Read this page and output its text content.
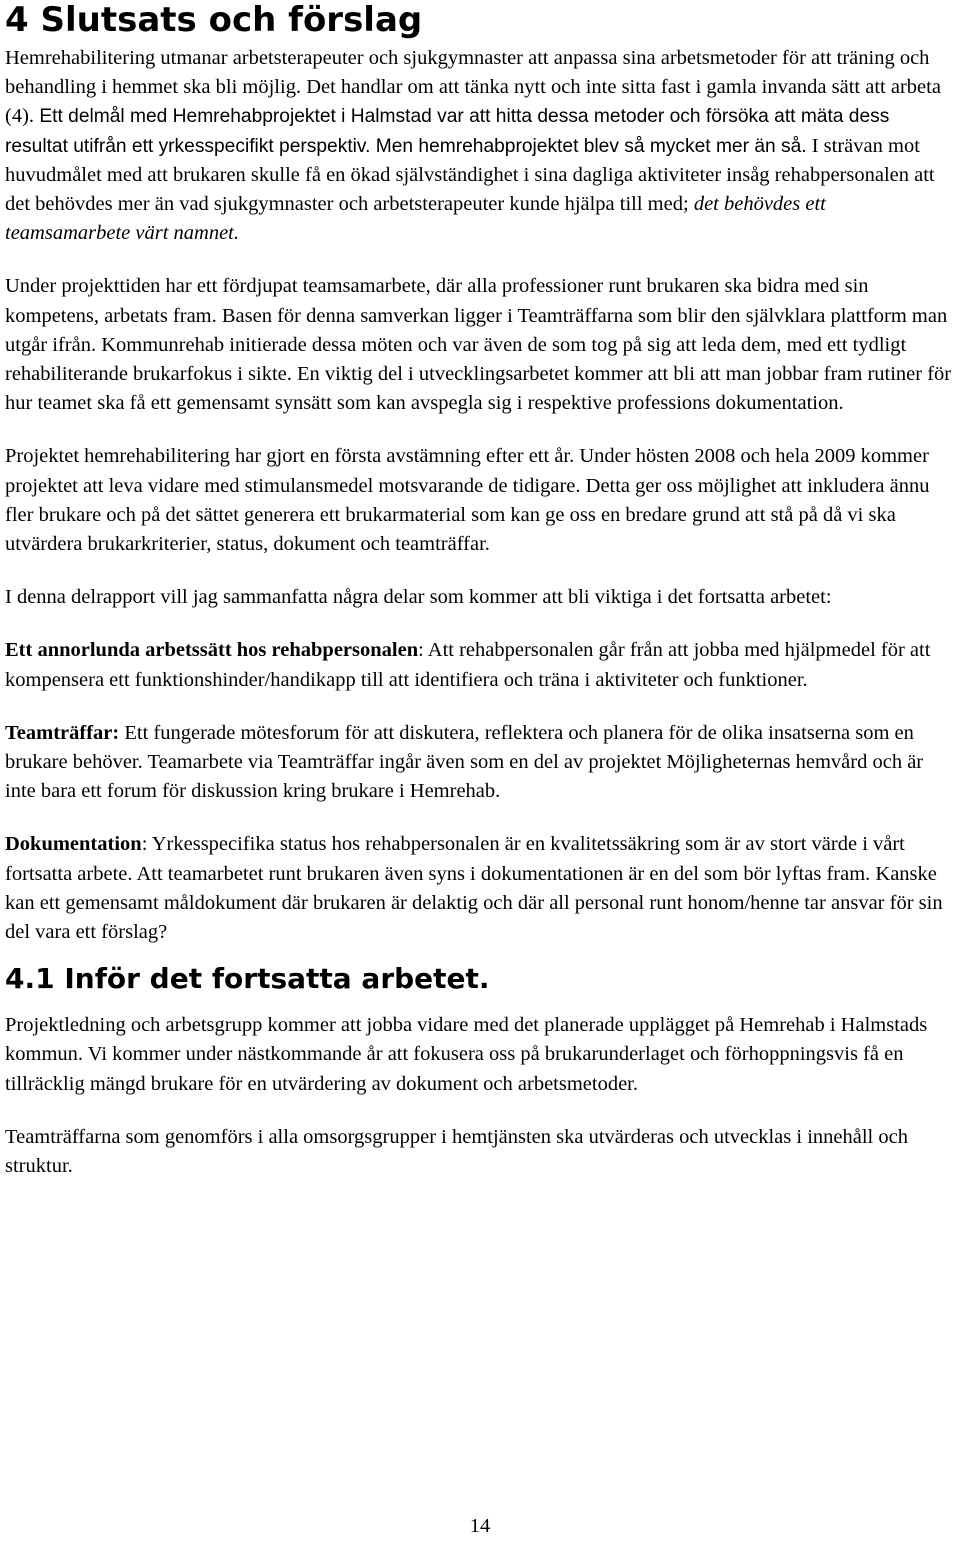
4 Slutsats och förslag
Hemrehabilitering utmanar arbetsterapeuter och sjukgymnaster att anpassa sina arbetsmetoder för att träning och behandling i hemmet ska bli möjlig. Det handlar om att tänka nytt och inte sitta fast i gamla invanda sätt att arbeta (4). Ett delmål med Hemrehabprojektet i Halmstad var att hitta dessa metoder och försöka att mäta dess resultat utifrån ett yrkesspecifikt perspektiv. Men hemrehabprojektet blev så mycket mer än så. I strävan mot huvudmålet med att brukaren skulle få en ökad självständighet i sina dagliga aktiviteter insåg rehabpersonalen att det behövdes mer än vad sjukgymnaster och arbetsterapeuter kunde hjälpa till med; det behövdes ett teamsamarbete värt namnet.
Under projekttiden har ett fördjupat teamsamarbete, där alla professioner runt brukaren ska bidra med sin kompetens, arbetats fram. Basen för denna samverkan ligger i Teamträffarna som blir den självklara plattform man utgår ifrån. Kommunrehab initierade dessa möten och var även de som tog på sig att leda dem, med ett tydligt rehabiliterande brukarfokus i sikte. En viktig del i utvecklingsarbetet kommer att bli att man jobbar fram rutiner för hur teamet ska få ett gemensamt synsätt som kan avspegla sig i respektive professions dokumentation.
Projektet hemrehabilitering har gjort en första avstämning efter ett år. Under hösten 2008 och hela 2009 kommer projektet att leva vidare med stimulansmedel motsvarande de tidigare. Detta ger oss möjlighet att inkludera ännu fler brukare och på det sättet generera ett brukarmaterial som kan ge oss en bredare grund att stå på då vi ska utvärdera brukarkriterier, status, dokument och teamträffar.
I denna delrapport vill jag sammanfatta några delar som kommer att bli viktiga i det fortsatta arbetet:
Ett annorlunda arbetssätt hos rehabpersonalen: Att rehabpersonalen går från att jobba med hjälpmedel för att kompensera ett funktionshinder/handikapp till att identifiera och träna i aktiviteter och funktioner.
Teamträffar: Ett fungerade mötesforum för att diskutera, reflektera och planera för de olika insatserna som en brukare behöver. Teamarbete via Teamträffar ingår även som en del av projektet Möjligheternas hemvård och är inte bara ett forum för diskussion kring brukare i Hemrehab.
Dokumentation: Yrkesspecifika status hos rehabpersonalen är en kvalitetssäkring som är av stort värde i vårt fortsatta arbete. Att teamarbetet runt brukaren även syns i dokumentationen är en del som bör lyftas fram. Kanske kan ett gemensamt måldokument där brukaren är delaktig och där all personal runt honom/henne tar ansvar för sin del vara ett förslag?
4.1 Inför det fortsatta arbetet.
Projektledning och arbetsgrupp kommer att jobba vidare med det planerade upplägget på Hemrehab i Halmstads kommun. Vi kommer under nästkommande år att fokusera oss på brukarunderlaget och förhoppningsvis få en tillräcklig mängd brukare för en utvärdering av dokument och arbetsmetoder.
Teamträffarna som genomförs i alla omsorgsgrupper i hemtjänsten ska utvärderas och utvecklas i innehåll och struktur.
14
